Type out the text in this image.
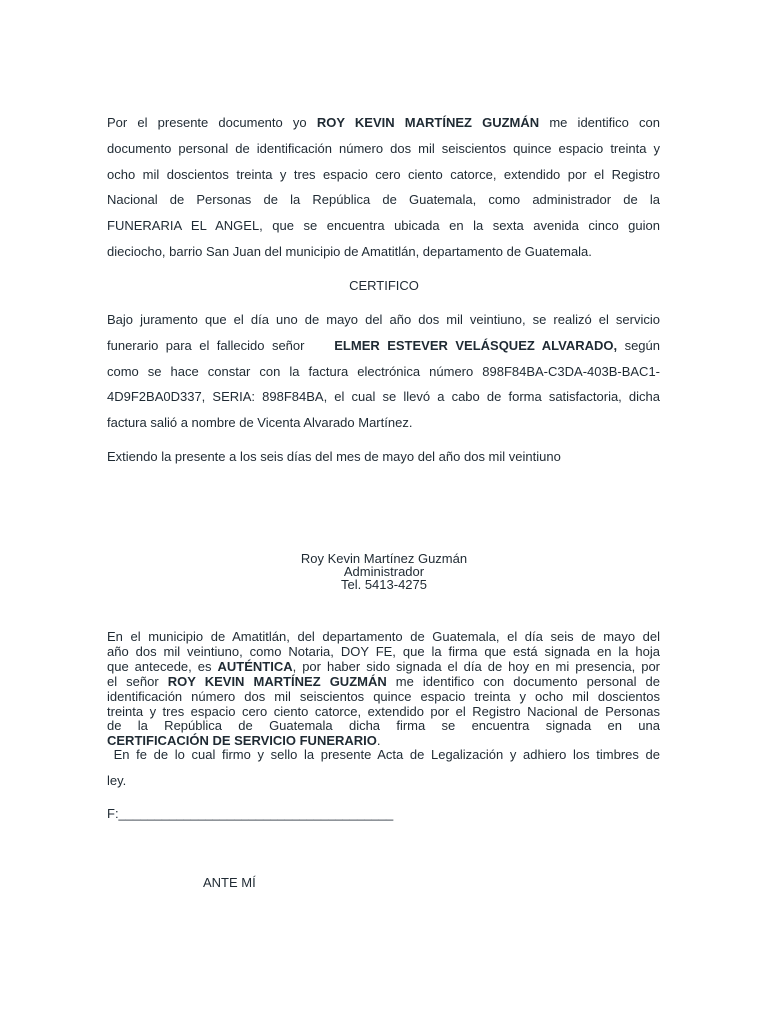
Por el presente documento yo ROY KEVIN MARTÍNEZ GUZMÁN me identifico con
documento personal de identificación número dos mil seiscientos quince espacio treinta y
ocho mil doscientos treinta y tres espacio cero ciento catorce, extendido por el Registro
Nacional de Personas de la República de Guatemala, como administrador de la
FUNERARIA EL ANGEL, que se encuentra ubicada en la sexta avenida cinco guion
dieciocho, barrio San Juan del municipio de Amatitlán, departamento de Guatemala.
CERTIFICO
Bajo juramento que el día uno de mayo del año dos mil veintiuno, se realizó el servicio
funerario para el fallecido señor    ELMER ESTEVER VELÁSQUEZ ALVARADO, según
como se hace constar con la factura electrónica número 898F84BA-C3DA-403B-BAC1-
4D9F2BA0D337, SERIA: 898F84BA, el cual se llevó a cabo de forma satisfactoria, dicha
factura salió a nombre de Vicenta Alvarado Martínez.
Extiendo la presente a los seis días del mes de mayo del año dos mil veintiuno
Roy Kevin Martínez Guzmán
Administrador
Tel. 5413-4275
En el municipio de Amatitlán, del departamento de Guatemala, el día seis de mayo del
año dos mil veintiuno, como Notaria, DOY FE, que la firma que está signada en la hoja
que antecede, es AUTÉNTICA, por haber sido signada el día de hoy en mi presencia, por
el señor ROY KEVIN MARTÍNEZ GUZMÁN me identifico con documento personal de
identificación número dos mil seiscientos quince espacio treinta y ocho mil doscientos
treinta y tres espacio cero ciento catorce, extendido por el Registro Nacional de Personas
de la República de Guatemala dicha firma se encuentra signada en una
CERTIFICACIÓN DE SERVICIO FUNERARIO.
En fe de lo cual firmo y sello la presente Acta de Legalización y adhiero los timbres de
ley.
F:______________________________________
ANTE MÍ
